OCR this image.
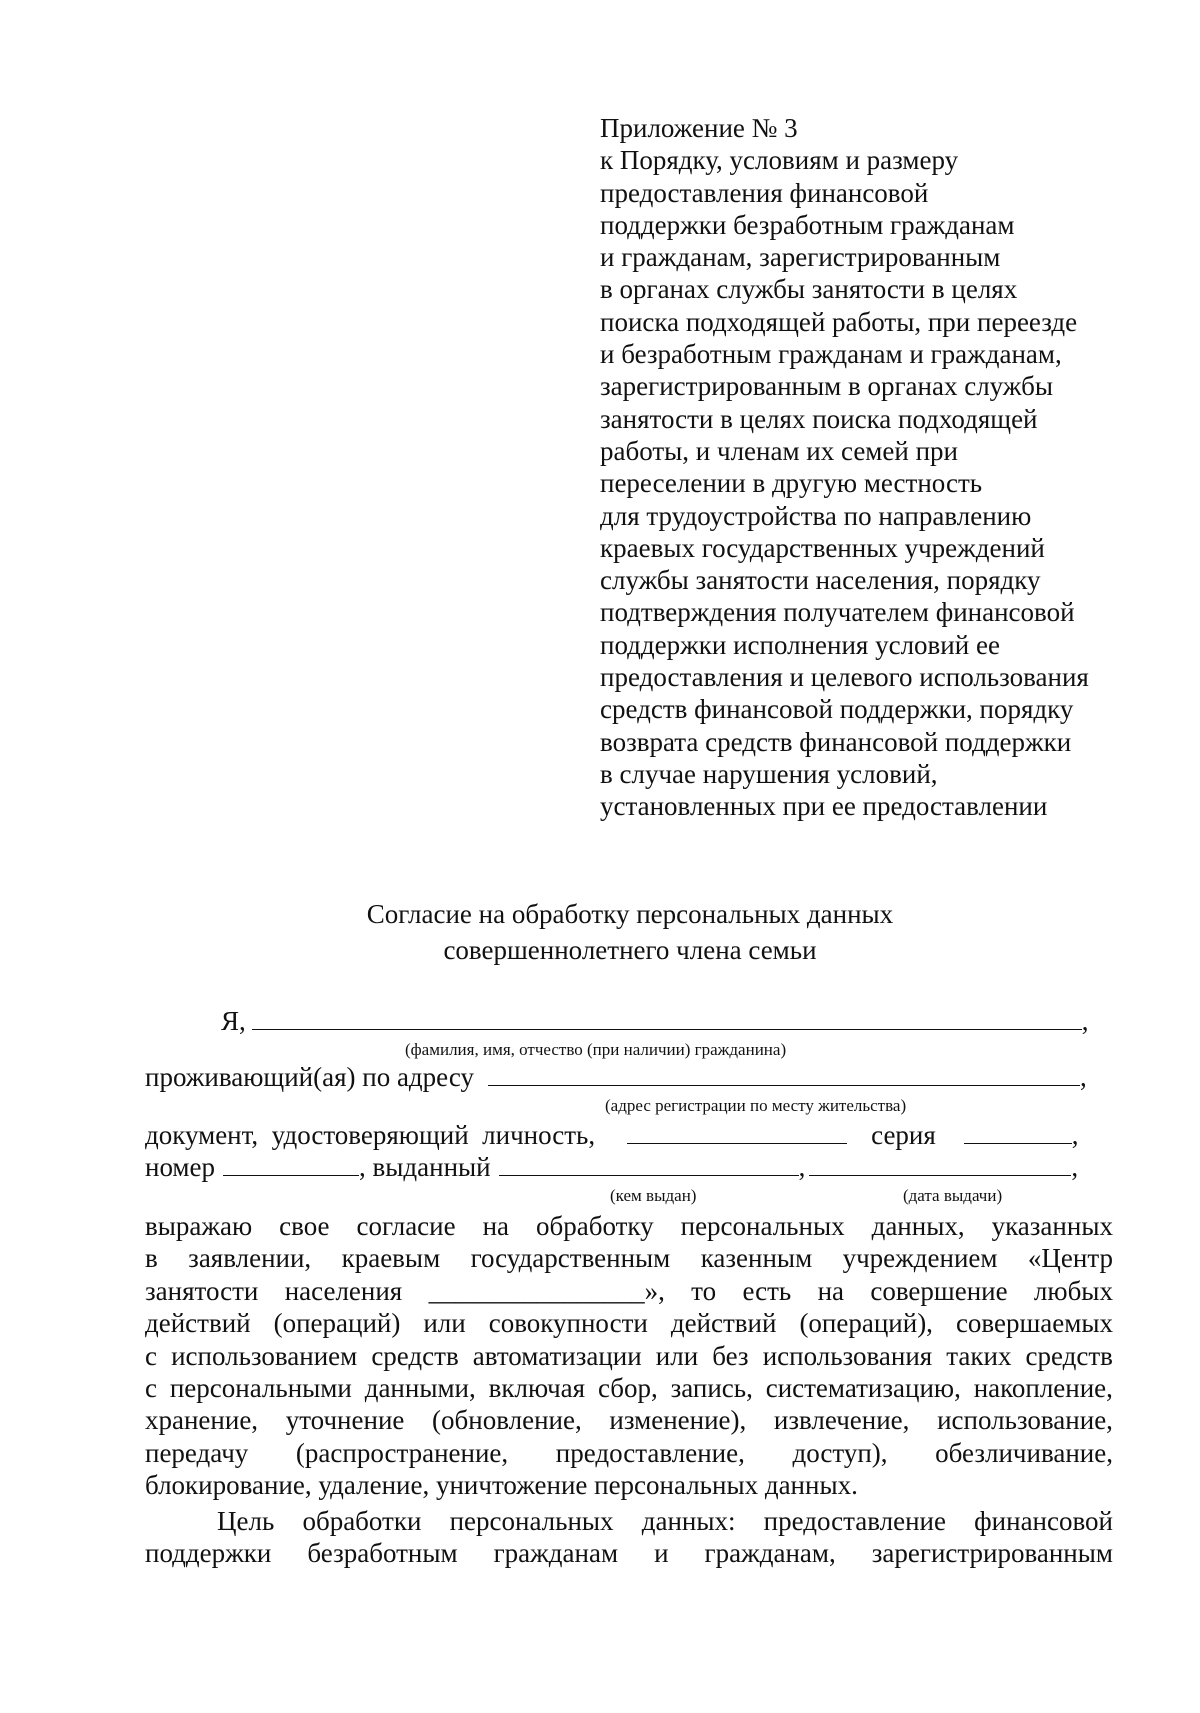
Приложение № 3
к Порядку, условиям и размеру
предоставления финансовой
поддержки безработным гражданам
и гражданам, зарегистрированным
в органах службы занятости в целях
поиска подходящей работы, при переезде
и безработным гражданам и гражданам,
зарегистрированным в органах службы
занятости в целях поиска подходящей
работы, и членам их семей при
переселении в другую местность
для трудоустройства по направлению
краевых государственных учреждений
службы занятости населения, порядку
подтверждения получателем финансовой
поддержки исполнения условий ее
предоставления и целевого использования
средств финансовой поддержки, порядку
возврата средств финансовой поддержки
в случае нарушения условий,
установленных при ее предоставлении
Согласие на обработку персональных данных
совершеннолетнего члена семьи
Я,	,
(фамилия, имя, отчество (при наличии) гражданина)
проживающий(ая) по адресу	,
(адрес регистрации по месту жительства)
документ,  удостоверяющий  личность,	серия	,
номер	, выданный	,	,
(кем выдан)	(дата выдачи)
выражаю свое согласие на обработку персональных данных, указанных
в заявлении, краевым государственным казенным учреждением «Центр
занятости населения ________________», то есть на совершение любых
действий (операций) или совокупности действий (операций), совершаемых
с использованием средств автоматизации или без использования таких средств
с персональными данными, включая сбор, запись, систематизацию, накопление,
хранение, уточнение (обновление, изменение), извлечение, использование,
передачу (распространение, предоставление, доступ), обезличивание,
блокирование, удаление, уничтожение персональных данных.
Цель обработки персональных данных: предоставление финансовой
поддержки безработным гражданам и гражданам, зарегистрированным
